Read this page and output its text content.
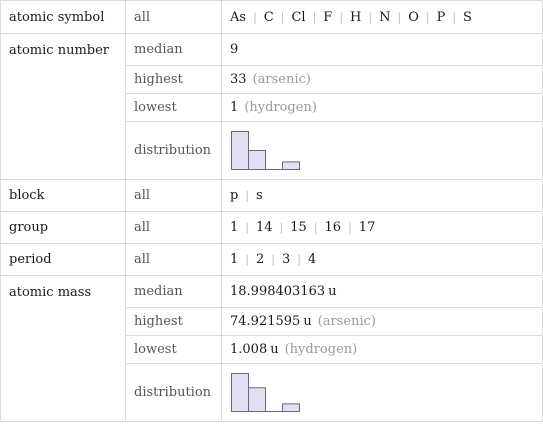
atomic symbol	all	As | C | Cl | F | H | N | O | P | S
atomic number	median	9
	highest	33 (arsenic)
	lowest	1 (hydrogen)
	distribution	

block	all	p | s
group	all	1 | 14 | 15 | 16 | 17
period	all	1 | 2 | 3 | 4
atomic mass	median	18.998403163 u
	highest	74.921595 u (arsenic)
	lowest	1.008 u (hydrogen)
	distribution	
